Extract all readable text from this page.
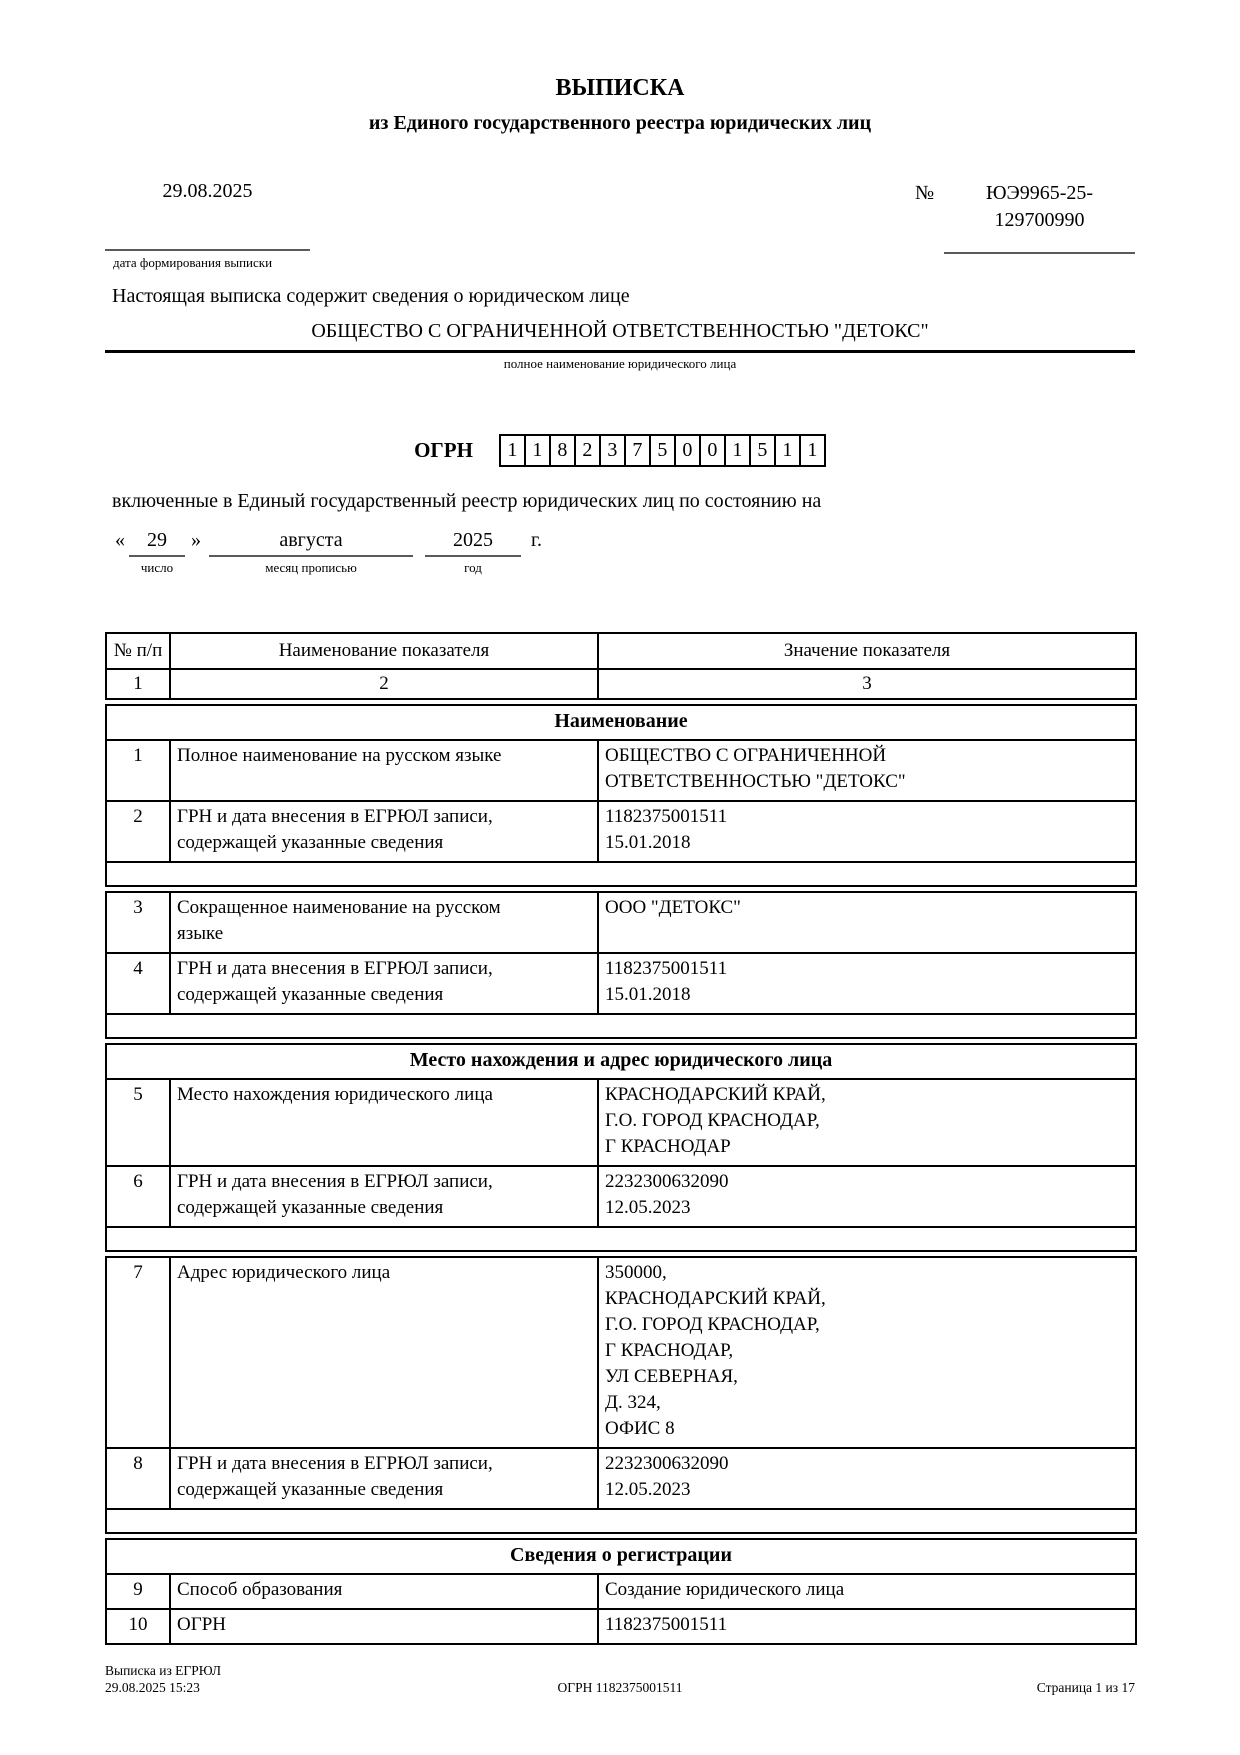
ВЫПИСКА
из Единого государственного реестра юридических лиц
29.08.2025
дата формирования выписки
№	ЮЭ9965-25-
129700990
Настоящая выписка содержит сведения о юридическом лице
ОБЩЕСТВО С ОГРАНИЧЕННОЙ ОТВЕТСТВЕННОСТЬЮ "ДЕТОКС"
полное наименование юридического лица
ОГРН	1 1 8 2 3 7 5 0 0 1 5 1 1
включенные в Единый государственный реестр юридических лиц по состоянию на
«	29
число
»	августа
месяц прописью
2025
год
г.
№ п/п	Наименование показателя	Значение показателя
1	2	3
Наименование		
1	Полное наименование на русском языке	ОБЩЕСТВО С ОГРАНИЧЕННОЙ
ОТВЕТСТВЕННОСТЬЮ "ДЕТОКС"

2	ГРН и дата внесения в ЕГРЮЛ записи,
содержащей указанные сведения

1182375001511
15.01.2018

3	Сокращенное наименование на русском
языке	ООО "ДЕТОКС"

4	ГРН и дата внесения в ЕГРЮЛ записи,
содержащей указанные сведения

1182375001511
15.01.2018

Место нахождения и адрес юридического лица		
5	Место нахождения юридического лица	КРАСНОДАРСКИЙ КРАЙ,
Г.О. ГОРОД КРАСНОДАР,
Г КРАСНОДАР

6	ГРН и дата внесения в ЕГРЮЛ записи,
содержащей указанные сведения

2232300632090
12.05.2023

7	Адрес юридического лица	350000,
КРАСНОДАРСКИЙ КРАЙ,
Г.О. ГОРОД КРАСНОДАР,
Г КРАСНОДАР,
УЛ СЕВЕРНАЯ,
Д. 324,
ОФИС 8

8	ГРН и дата внесения в ЕГРЮЛ записи,
содержащей указанные сведения

2232300632090
12.05.2023

Сведения о регистрации		
9	Способ образования	Создание юридического лица

10	ОГРН	1182375001511
Выписка из ЕГРЮЛ
29.08.2025 15:23	ОГРН 1182375001511	Страница 1 из 17
